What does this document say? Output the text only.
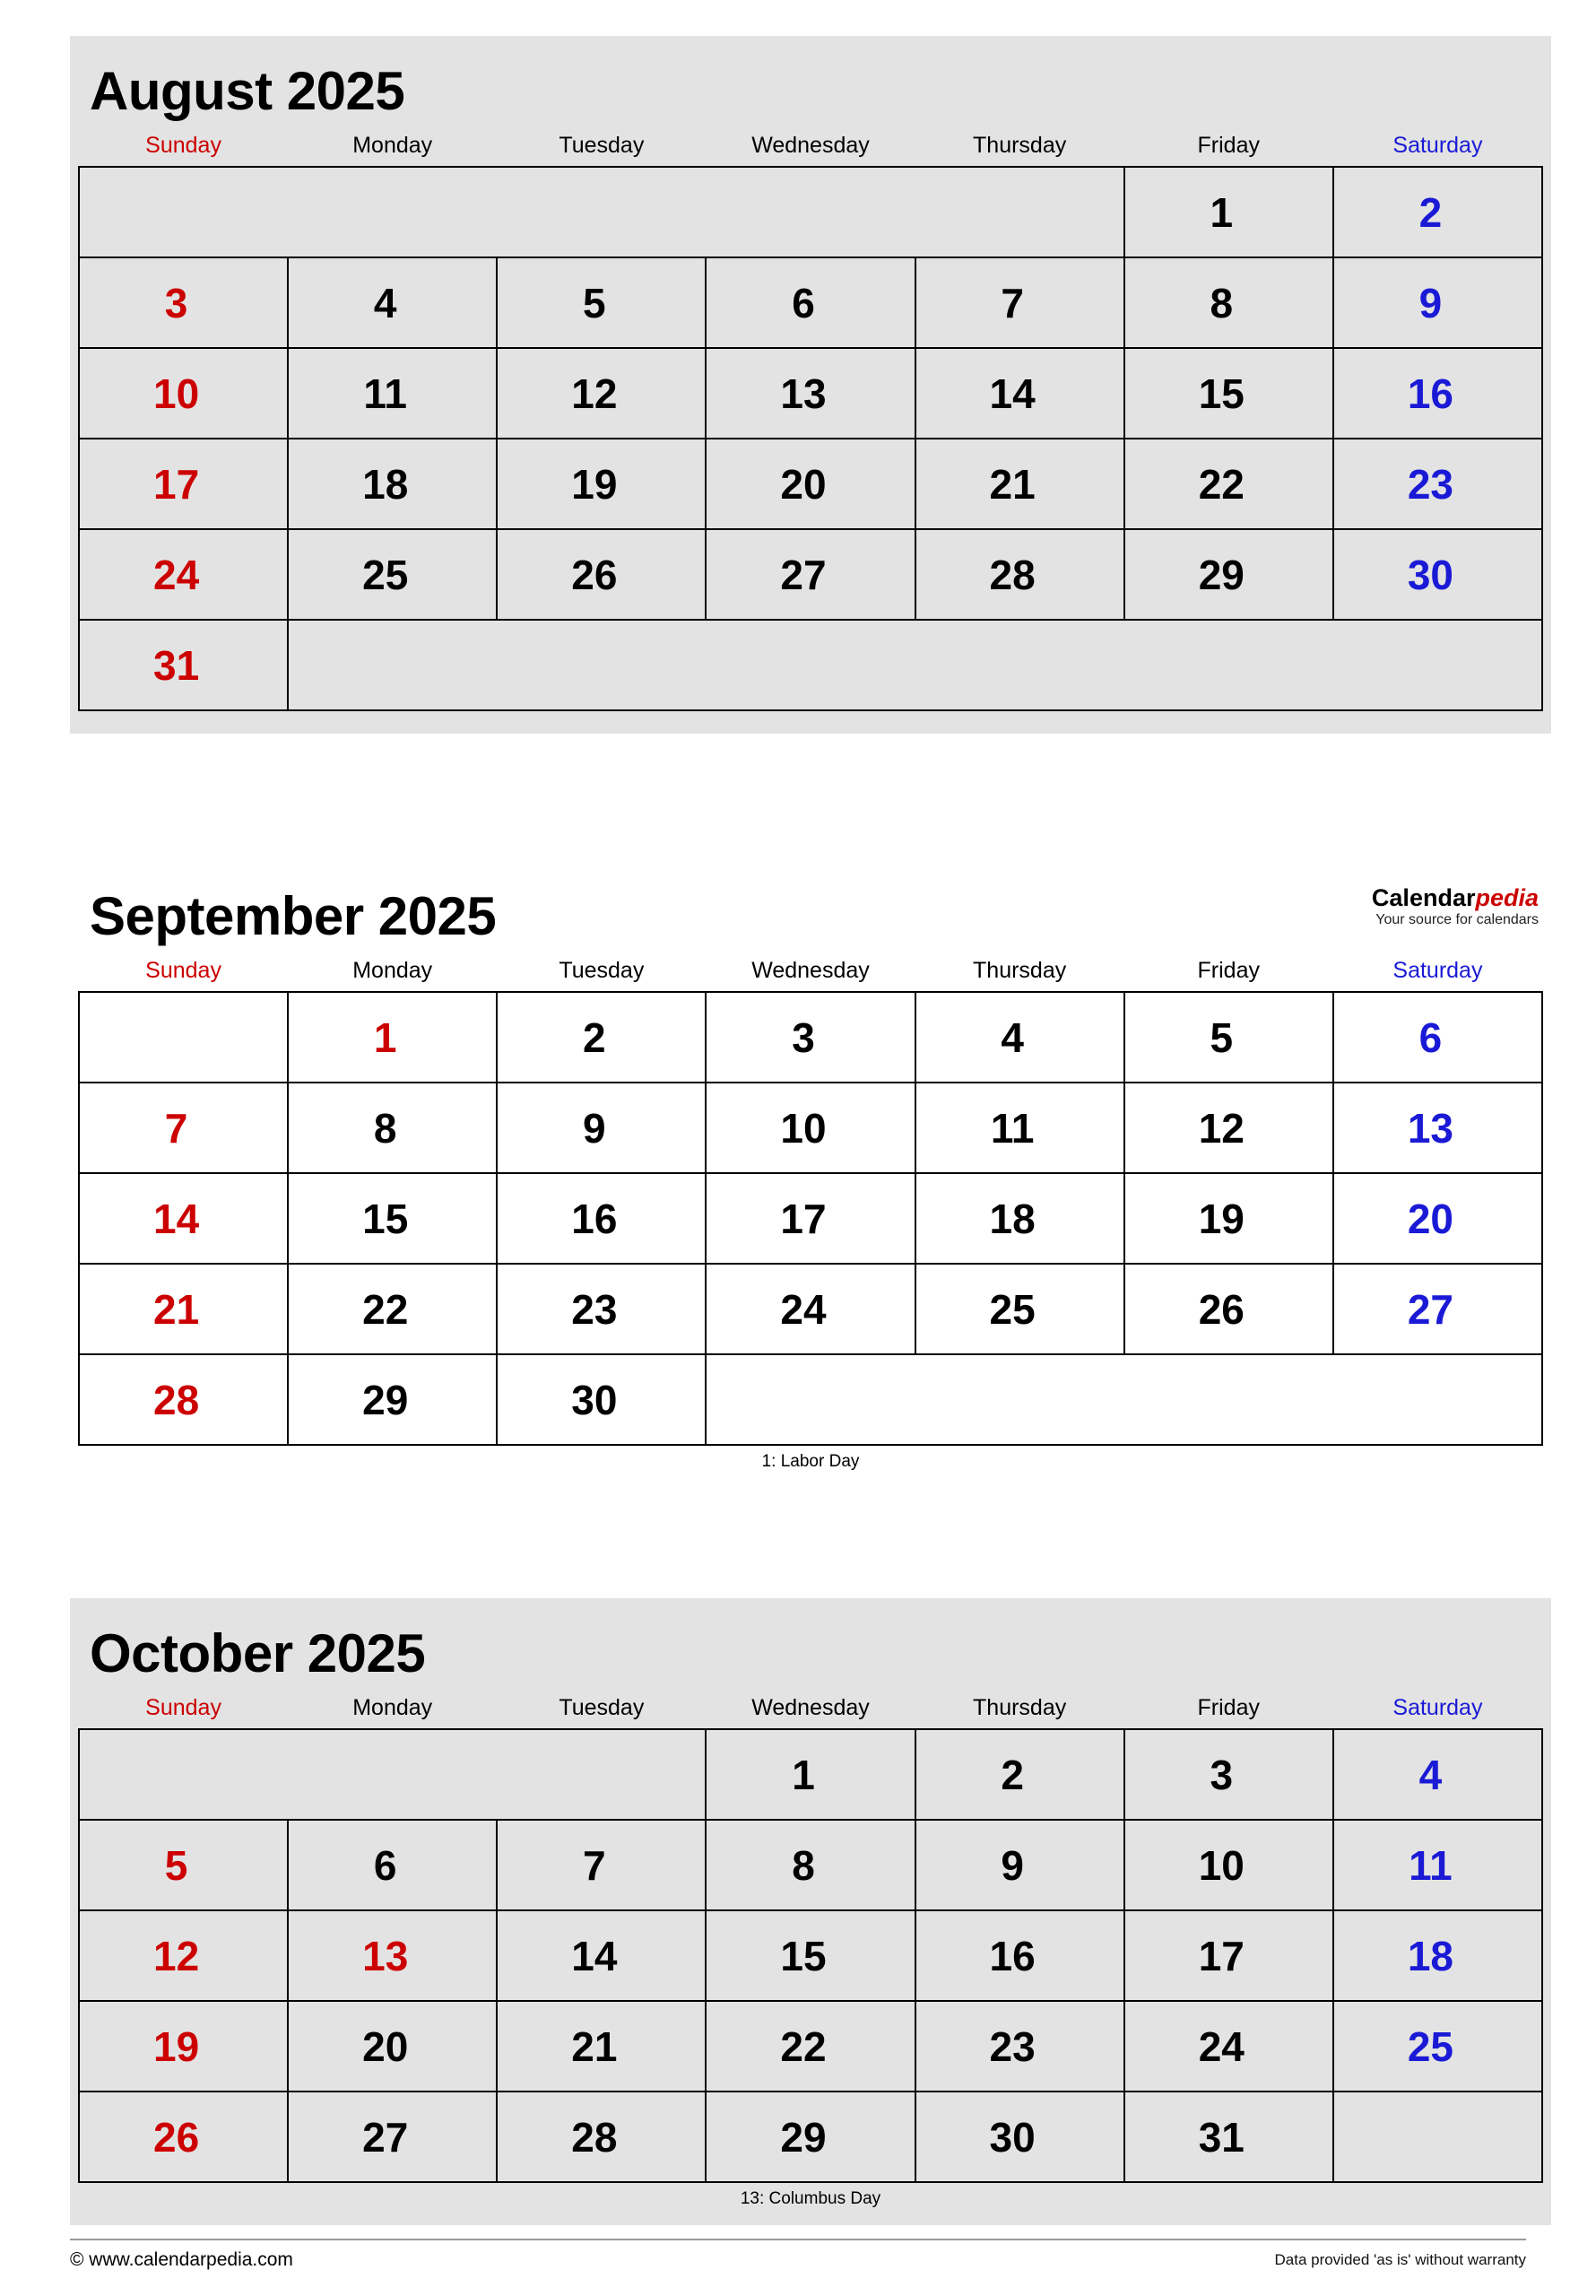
August 2025
Sunday	Monday	Tuesday	Wednesday	Thursday	Friday	Saturday
					1	2
3	4	5	6	7	8	9
10	11	12	13	14	15	16
17	18	19	20	21	22	23
24	25	26	27	28	29	30
31						
Calendarpedia
Your source for calendars
September 2025
Sunday	Monday	Tuesday	Wednesday	Thursday	Friday	Saturday
	1	2	3	4	5	6
7	8	9	10	11	12	13
14	15	16	17	18	19	20
21	22	23	24	25	26	27
28	29	30				
1: Labor Day
October 2025
Sunday	Monday	Tuesday	Wednesday	Thursday	Friday	Saturday
			1	2	3	4
5	6	7	8	9	10	11
12	13	14	15	16	17	18
19	20	21	22	23	24	25
26	27	28	29	30	31	
13: Columbus Day
© www.calendarpedia.com	Data provided 'as is' without warranty
